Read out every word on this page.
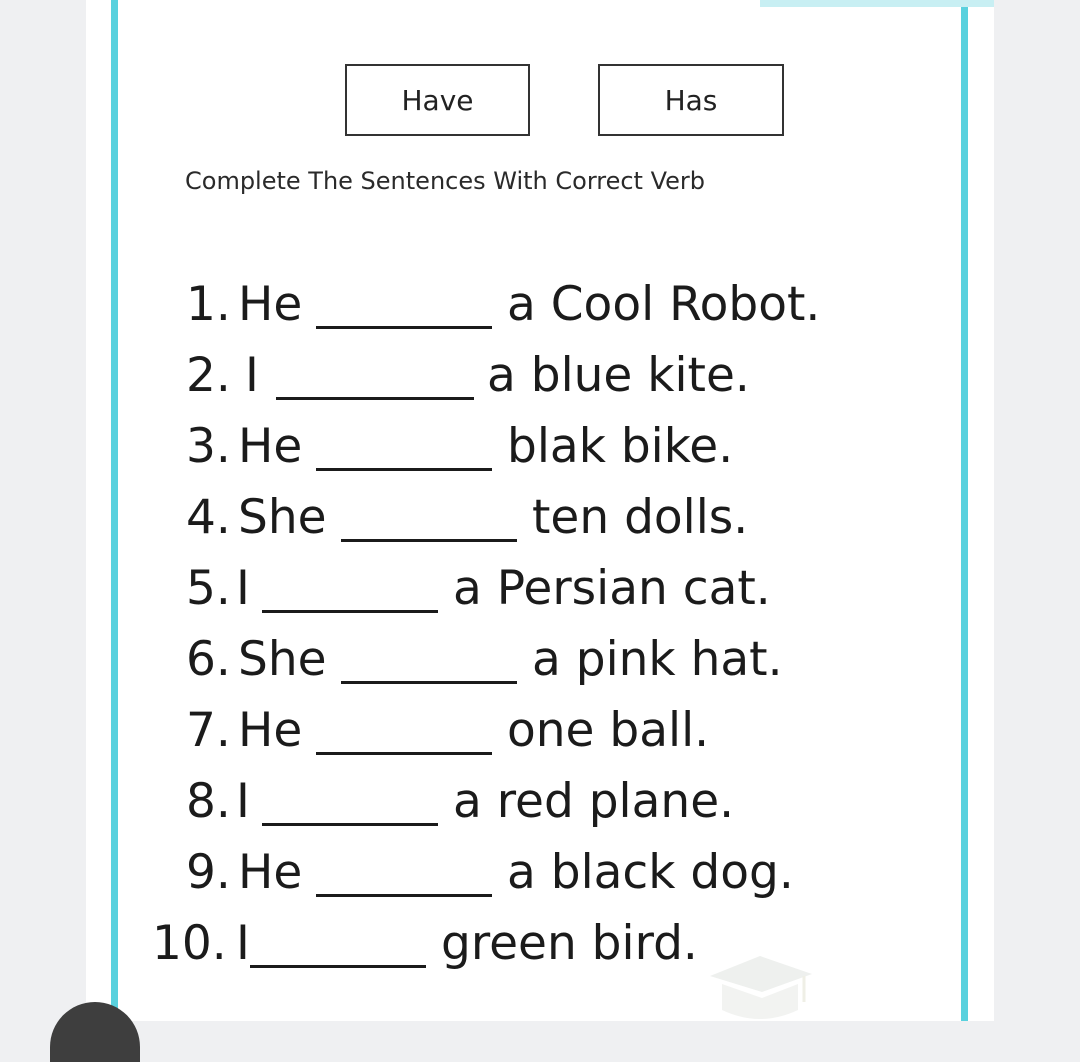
Have	Has
Complete The Sentences With Correct Verb
1. He	a Cool Robot.
2. I	a blue kite.
3. He	blak bike.
4. She	ten dolls.
5. I	a Persian cat.
6. She	a pink hat.
7. He	one ball.
8. I	a red plane.
9. He	a black dog.
10. I	green bird.
